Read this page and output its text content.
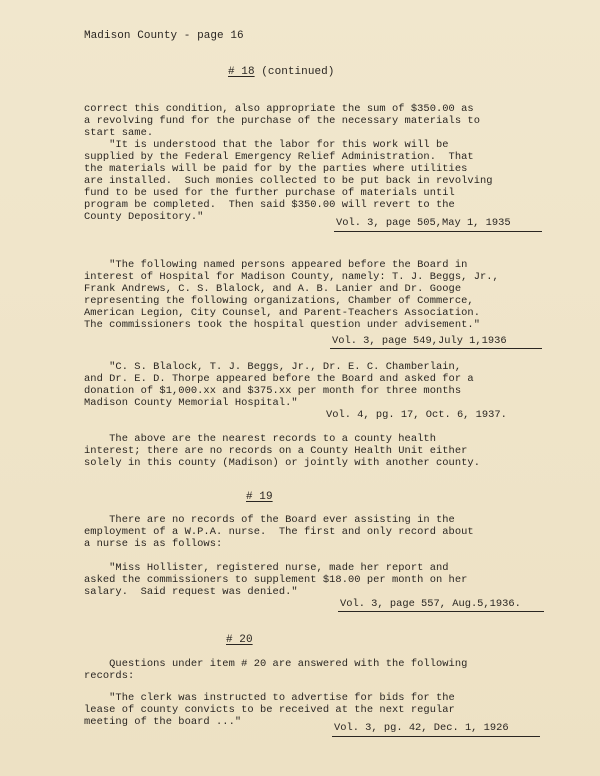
Madison County - page 16
# 18 (continued)
correct this condition, also appropriate the sum of $350.00 as
a revolving fund for the purchase of the necessary materials to
start same.
"It is understood that the labor for this work will be
supplied by the Federal Emergency Relief Administration.  That
the materials will be paid for by the parties where utilities
are installed.  Such monies collected to be put back in revolving
fund to be used for the further purchase of materials until
program be completed.  Then said $350.00 will revert to the
County Depository."	Vol. 3, page 505,May 1, 1935
"The following named persons appeared before the Board in
interest of Hospital for Madison County, namely: T. J. Beggs, Jr.,
Frank Andrews, C. S. Blalock, and A. B. Lanier and Dr. Googe
representing the following organizations, Chamber of Commerce,
American Legion, City Counsel, and Parent-Teachers Association.
The commissioners took the hospital question under advisement."
Vol. 3, page 549,July 1,1936
"C. S. Blalock, T. J. Beggs, Jr., Dr. E. C. Chamberlain,
and Dr. E. D. Thorpe appeared before the Board and asked for a
donation of $1,000.xx and $375.xx per month for three months
Madison County Memorial Hospital."
Vol. 4, pg. 17, Oct. 6, 1937.
The above are the nearest records to a county health
interest; there are no records on a County Health Unit either
solely in this county (Madison) or jointly with another county.
# 19
There are no records of the Board ever assisting in the
employment of a W.P.A. nurse.  The first and only record about
a nurse is as follows:
"Miss Hollister, registered nurse, made her report and
asked the commissioners to supplement $18.00 per month on her
salary.  Said request was denied."
Vol. 3, page 557, Aug.5,1936.
# 20
Questions under item # 20 are answered with the following
records:
"The clerk was instructed to advertise for bids for the
lease of county convicts to be received at the next regular
meeting of the board ..."	Vol. 3, pg. 42, Dec. 1, 1926
